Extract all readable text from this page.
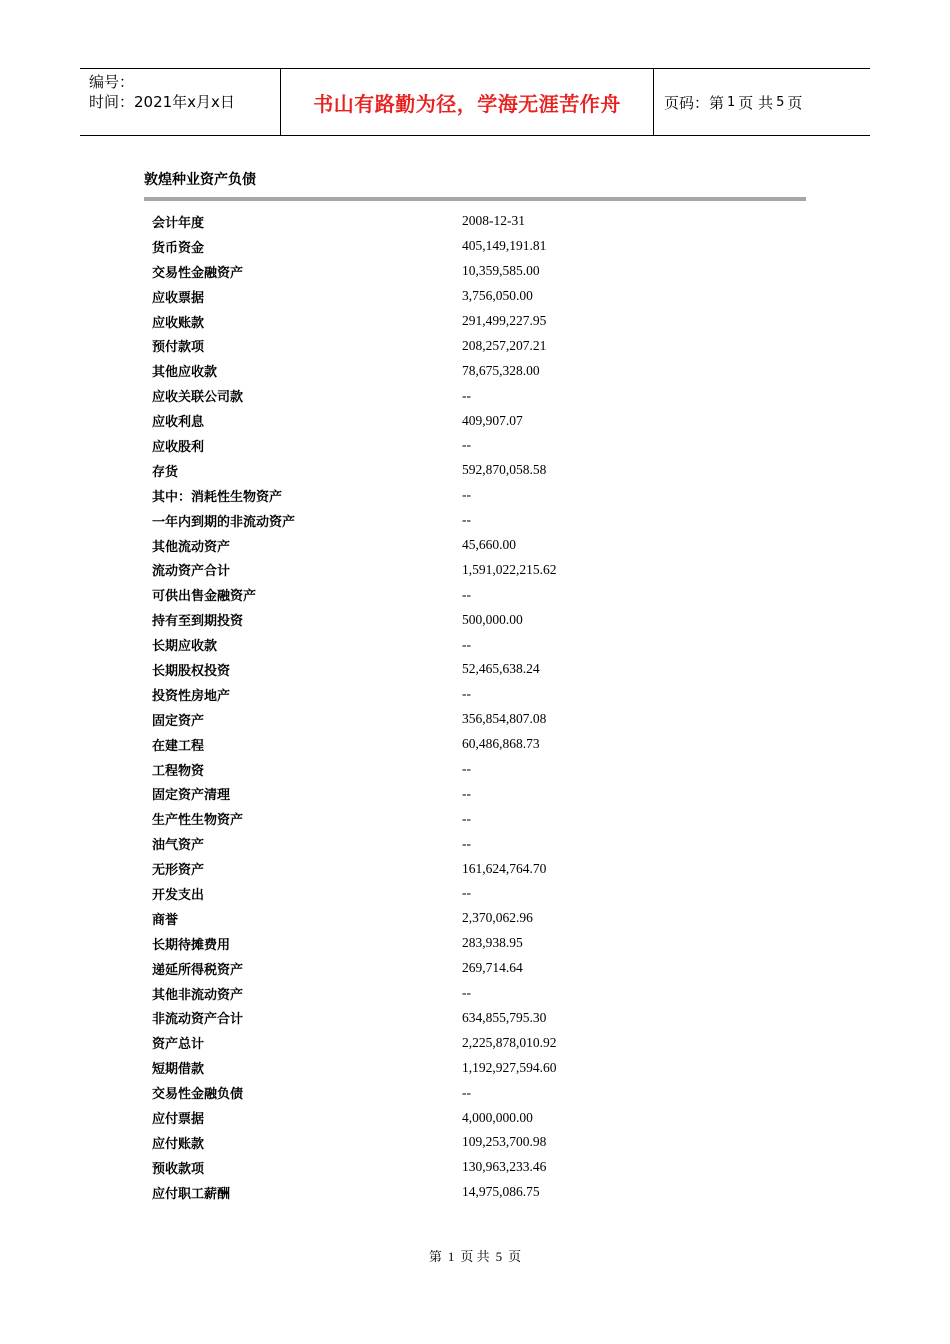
编号：
时间：2021年x月x日	书山有路勤为径，学海无涯苦作舟	页码：第 1 页 共 5 页
敦煌种业资产负债
会计年度	2008-12-31
货币资金	405,149,191.81
交易性金融资产	10,359,585.00
应收票据	3,756,050.00
应收账款	291,499,227.95
预付款项	208,257,207.21
其他应收款	78,675,328.00
应收关联公司款	--
应收利息	409,907.07
应收股利	--
存货	592,870,058.58
其中：消耗性生物资产	--
一年内到期的非流动资产	--
其他流动资产	45,660.00
流动资产合计	1,591,022,215.62
可供出售金融资产	--
持有至到期投资	500,000.00
长期应收款	--
长期股权投资	52,465,638.24
投资性房地产	--
固定资产	356,854,807.08
在建工程	60,486,868.73
工程物资	--
固定资产清理	--
生产性生物资产	--
油气资产	--
无形资产	161,624,764.70
开发支出	--
商誉	2,370,062.96
长期待摊费用	283,938.95
递延所得税资产	269,714.64
其他非流动资产	--
非流动资产合计	634,855,795.30
资产总计	2,225,878,010.92
短期借款	1,192,927,594.60
交易性金融负债	--
应付票据	4,000,000.00
应付账款	109,253,700.98
预收款项	130,963,233.46
应付职工薪酬	14,975,086.75
第 1 页 共 5 页
